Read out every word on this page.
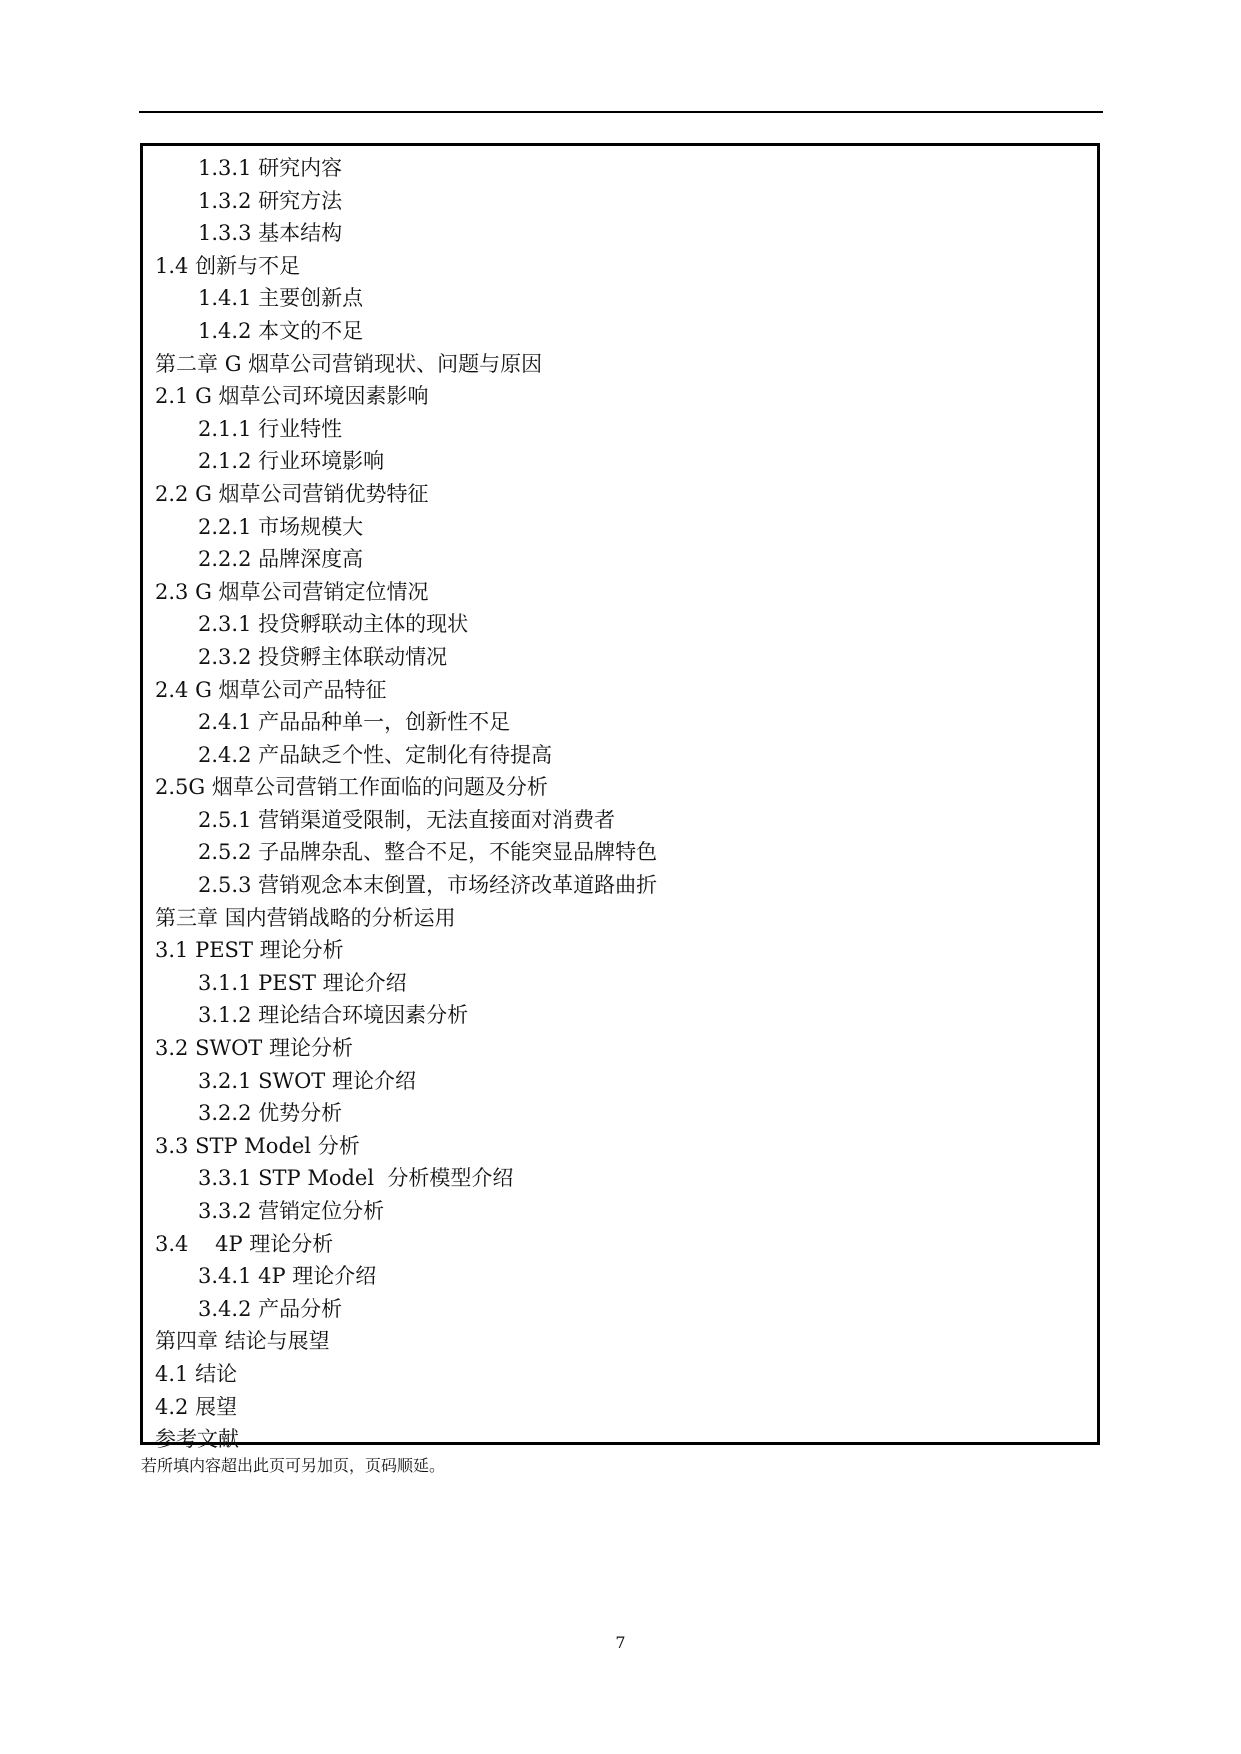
1.3.1 研究内容
1.3.2 研究方法
1.3.3 基本结构
1.4 创新与不足
1.4.1 主要创新点
1.4.2 本文的不足
第二章 G 烟草公司营销现状、问题与原因
2.1 G 烟草公司环境因素影响
2.1.1 行业特性
2.1.2 行业环境影响
2.2 G 烟草公司营销优势特征
2.2.1 市场规模大
2.2.2 品牌深度高
2.3 G 烟草公司营销定位情况
2.3.1 投贷孵联动主体的现状
2.3.2 投贷孵主体联动情况
2.4 G 烟草公司产品特征
2.4.1 产品品种单一，创新性不足
2.4.2 产品缺乏个性、定制化有待提高
2.5G 烟草公司营销工作面临的问题及分析
2.5.1 营销渠道受限制，无法直接面对消费者
2.5.2 子品牌杂乱、整合不足，不能突显品牌特色
2.5.3 营销观念本末倒置，市场经济改革道路曲折
第三章 国内营销战略的分析运用
3.1 PEST 理论分析
3.1.1 PEST 理论介绍
3.1.2 理论结合环境因素分析
3.2 SWOT 理论分析
3.2.1 SWOT 理论介绍
3.2.2 优势分析
3.3 STP Model 分析
3.3.1 STP Model  分析模型介绍
3.3.2 营销定位分析
3.4    4P 理论分析
3.4.1 4P 理论介绍
3.4.2 产品分析
第四章 结论与展望
4.1 结论
4.2 展望
参考文献
若所填内容超出此页可另加页，页码顺延。
7
